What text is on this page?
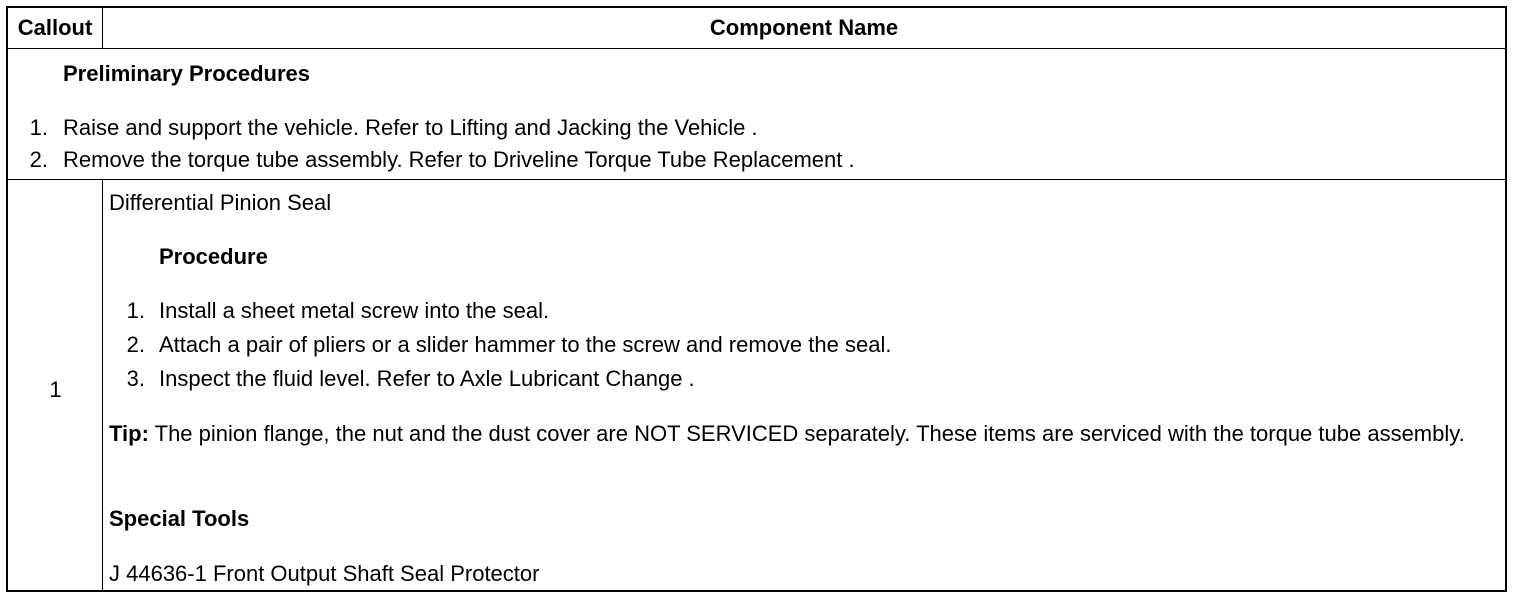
Callout	Component Name
Preliminary Procedures
1. Raise and support the vehicle. Refer to Lifting and Jacking the Vehicle .
2. Remove the torque tube assembly. Refer to Driveline Torque Tube Replacement .
1
Differential Pinion Seal
Procedure
1. Install a sheet metal screw into the seal.
2. Attach a pair of pliers or a slider hammer to the screw and remove the seal.
3. Inspect the fluid level. Refer to Axle Lubricant Change .
Tip: The pinion flange, the nut and the dust cover are NOT SERVICED separately. These items are serviced with the torque tube assembly.
Special Tools
J 44636-1 Front Output Shaft Seal Protector
